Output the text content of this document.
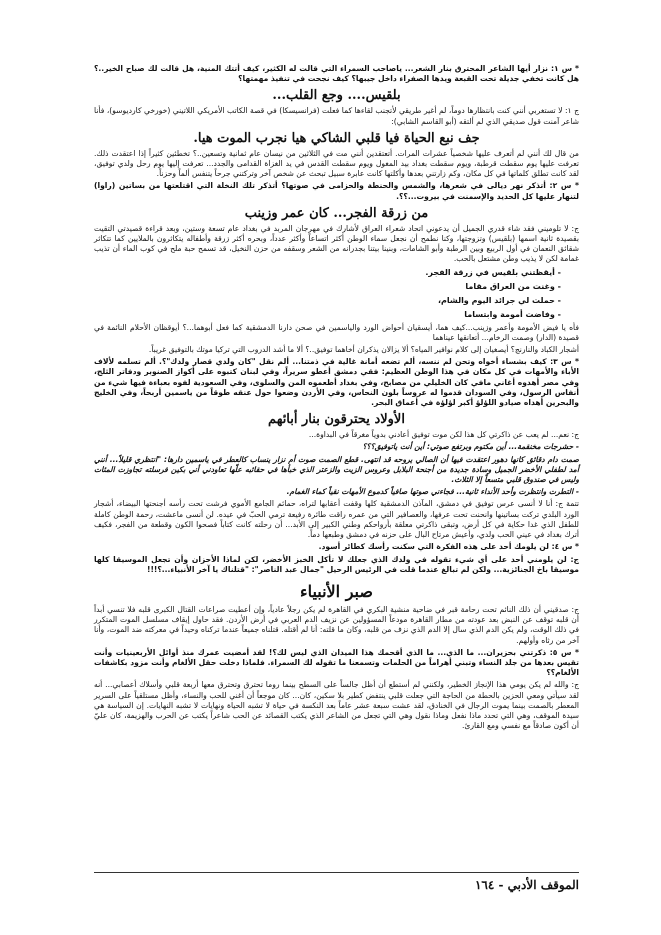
* س ١: نزار أيها الشاعر المحترق بنار الشعر... ياصاحب السمراء التي قالت له الكثير، كيف أتتك المنية، هل قالت لك صباح الخير..؟ هل كانت تخفي جديلة تحت القبعة ويدها الصفراء داخل جيبها؟ كيف نجحت في تنفيذ مهمتها؟

بلقيس.... وجع القلب...

ج ١: لا تستغربي أنني كنت بانتظارها دوماً، لم أغير طريقي لأتجنب لقاءها كما فعلت (فرانسيسكا) في قصة الكاتب الأمريكي اللاتيني (خورخي كارديوسو)، فأنا شاعر آمنت قول صديقي الذي لم ألتقه (أبو القاسم الشابي):

جف نبع الحياة فيا قلبي الشاكي هيا نجرب الموت هيا.

من قال لك أنني لم أتعرف عليها شخصياً عشرات المرات. أتعتقدين أنني مت في الثلاثين من نيسان عام ثمانية وتسعين..؟ تخطئين كثيراً إذا اعتقدت ذلك. تعرفت عليها يوم سقطت قرطبة، ويوم سقطت بغداد بيد المغول ويوم سقطت القدس في يد الغزاة القدامى والجدد... تعرفت إليها يوم رحل ولدي توفيق، لقد كانت تطلق كلماتها في كل مكان، وكم زارتني بعدها وأكلتها كانت عابرة سبيل تبحث عن شخص آخر وتركتني جرحاً يتنفس ألماً وحزناً.

* س ٢: أتذكر نهر ديالى في شعرها، والشمس والحنطة والحزامى في صوتها؟ أتذكر تلك النخلة التي اقتلعتها من بساتين (راوا) لتنهار عليها كل الحديد والإسمنت في بيروت...؟؟.

من زرقة الفجر... كان عمر وزينب

ج: لا تلوميني فقد شاء قدري الجميل أن يدعوني اتحاد شعراء العراق لأشارك في مهرجان المربد في بغداد عام تسعة وستين، وبعد قراءة قصيدتي التقيت بقصيدة ثانية اسمها (بلقيس) وتزوجتها، وكنا نطمح أن نجعل سماء الوطن أكثر اتساعاً وأكثر عدداً، وبحره أكثر زرقة وأطفاله يتكاثرون بالملايين كما تتكاثر شقائق النعمان في أول الربيع وبين الرطبة وأبو الشامات، وبنينا بيتنا بجدرانه من الشعر وسقفه من حزن النخيل، قد تسمح حبة ملح في كوب الماء أن تذيب غمامة لكن لا يذيب وطن مشتعل بالحب.

- أيقظتني بلقيس في زرقة الفجر.
- وغنت من العراق مقاما
- حملت لي جرائد اليوم والشام،
- وفاضت أمومة وابتساما

فأه يا فيض الأمومة وأعمر وزينب...كيف هما، أيسقيان أحواض الورد والياسمين في صحن دارنا الدمشقية كما فعل أبوهما...؟ أيوقظان الأحلام النائمة في قصيدة (الدار) وصمت الرخام... أتعانقها عيناهما

أشجار الكباد والنارنج؟ أيصغيان إلى كلام نوافير المياه؟ ألا يزالان يذكران أخاهما توفيق..؟ ألا ما أشد الدروب التي تركيا موتك بالتوفيق غريباً.

* س ٣: كيف بشساء أخواه وتحن لم ننسه، ألم تضعه أمانة غالية في ذمتنا... ألم نقل "كان ولدي قصار ولدك"؟. ألم تسلمه لألاف الأباء والأمهات في كل مكان في هذا الوطن العظيم: فقي دمشق أعطو سريراً، وفي لبنان كتبوه على أكواز الصنوبر ودفاتر الثلج، وفي مصر أهدوه أغاني مافي كان الخليلي من مصابح، وفي بغداد أطعموه المن والسلوى، وفي السعودية لفوه بعباءة فيها شيء من أنفاس الرسول، وفي السودان قدموا له عروساً بلون النحاس، وفي الأردن وضعوا حول عنقه طوقاً من ياسمين أربحاً، وفي الخليج والبحرين أهداه صيادو اللؤلؤ أكبر لؤلؤة في أعماق البحر.

الأولاد يحترقون بنار أبائهم

ج: نعم... لم يعب عن ذاكرتي كل هذا لكن موت توفيق أعادني بدوياً مغرقاً في البداوة...

- حشرجات مخنقمة... أين مكتوم وبرتفع صوتي: أين أنت ياتوفيق؟؟؟

صمت دام دقائق كانها دهور اعتقدت فيها أن الصالي يروحه قد انتهى. قطع الصمت صوت أم نزار ينساب كالعطر في ياسمين دارها: "انتظري قليلاً... أنني أمد لطفلي الأخضر الجميل وسادة جديدة من أجنحة البلابل وعروس الزيت والزعتر الذي خبأها في حقائبه علّها تعاودني أني بكين فرسلته تجاوزت المئات وليس في صندوق قلبي متسعاً إلا الثلاث.

- التطرت وانتظرت وأحد الأنداء ثانية... فجاءني صوتها صافياً كدموع الأمهات نقياً كماء الغمام.

تتمة ج: أنا لا أنسى عرس توفيق في دمشق، المآذن الدمشقية كلها وقفت أعقابها لتراه، حمائم الجامع الأموي فرشت تحت رأسه أجنحتها البيضاء، أشجار الورد البلدي تركت بساتينها وانحنت تحت عرفها، والعصافير التي من عمره راقت طائرة رفيعة ترمي الحبّ في عيده. لن أنسى ماعشت، رحمة الوطن كاملة للطفل الذي غدا حكاية في كل أرض، وتبقى ذاكرتي معلقة بأرواحكم وطني الكبير إلى الأبد... أن رحلته كانت كتاباً فصحوا الكون وقطعة من الفجر، فكيف أترك بغداد في عيني الحب ولدي، وأعيش مرتاح البال على حزنه في دمشق وطبعها دماً.

* س ٤: لن يلومك أحد على هذه الفكرة التي سكنت رأسك كطائر أسود.

ج: لن يلومني أحد على أي شيء تقوله في ولدك الذي جعلك لا تأكل الخبز الأخضر، لكن لماذا الأحزان وأن تجعل الموسيقا كلها موسيقا باخ الجنائزية... ولكن لم تبالغ عندما قلت في الرئيس الرحيل "جمال عبد الناصر": "قتلناك يا آخر الأنبياء...؟!!!

صبر الأنبياء

ج: صدقيني أن ذلك النائم تحت رحامة قبر في ضاحية منشية البكري في القاهرة لم يكن رجلاً عادياً، وإن أعطيت صراعات القتال الكبرى قلبه فلا تنسي أبداً أن قلبه توقف عن النبض بعد عودته من مطار القاهرة مودعاً المسؤولين عن نزيف الدم العربي في أرض الأردن. فقد حاول إيقاف مسلسل الموت المتكرر في ذلك الوقت، ولم يكن الدم الذي سال إلا الدم الذي نزف من قلبه، وكان ما قلته: أنا لم أقتله. قتلناه جميعاً عندما تركناه وحيداً في معركته ضد الموت، وأنا آخر من رثاه وأولهم.

* س ٥: ذكرتني بحزيران... ما الذي... ما الذي أقحمك هذا الميدان الذي ليس لك؟! لقد أمضيت عمرك منذ أوائل الأربعينيات وأنت تقيس بعدها من جلد النساء وتبني أهراماً من الحلمات وتسمعنا ما تقوله لك السمراء. فلماذا دخلت حقل الألغام وأنت مزود بكاشفات الألغام؟؟

ج: والله لم يكن يومي هذا الإنجاز الخطير، ولكنني لم أستطع أن أظل جالساً على السطح بينما روما تحترق وتحترق معها أربعة قلبي وأسلاك أعصابي... أنه لقد سيأتي ومعي الحزين بالحطة من الحاجة التي جعلت قلبي ينتفض كطير بلا سكين، كان... كان موجعاً أن أغني للحب والنساء، وأظل مستلقياً على السرير المعطر بالصمت بينما يموت الرجال في الخنادق، لقد عشت سبعة عشر عاماً بعد النكسة في حياة لا تشبه الحياة ونهايات لا تشبه النهايات. إن السياسة هي سيدة الموقف، وهي التي تحدد ماذا نفعل وماذا نقول وهي التي تجعل من الشاعر الذي يكتب القصائد عن الحب شاعراً يكتب عن الحرب والهزيمة، كان عليّ أن أكون صادقاً مع نفسي ومع القارئ.

الموقف الأدبي - ١٦٤
